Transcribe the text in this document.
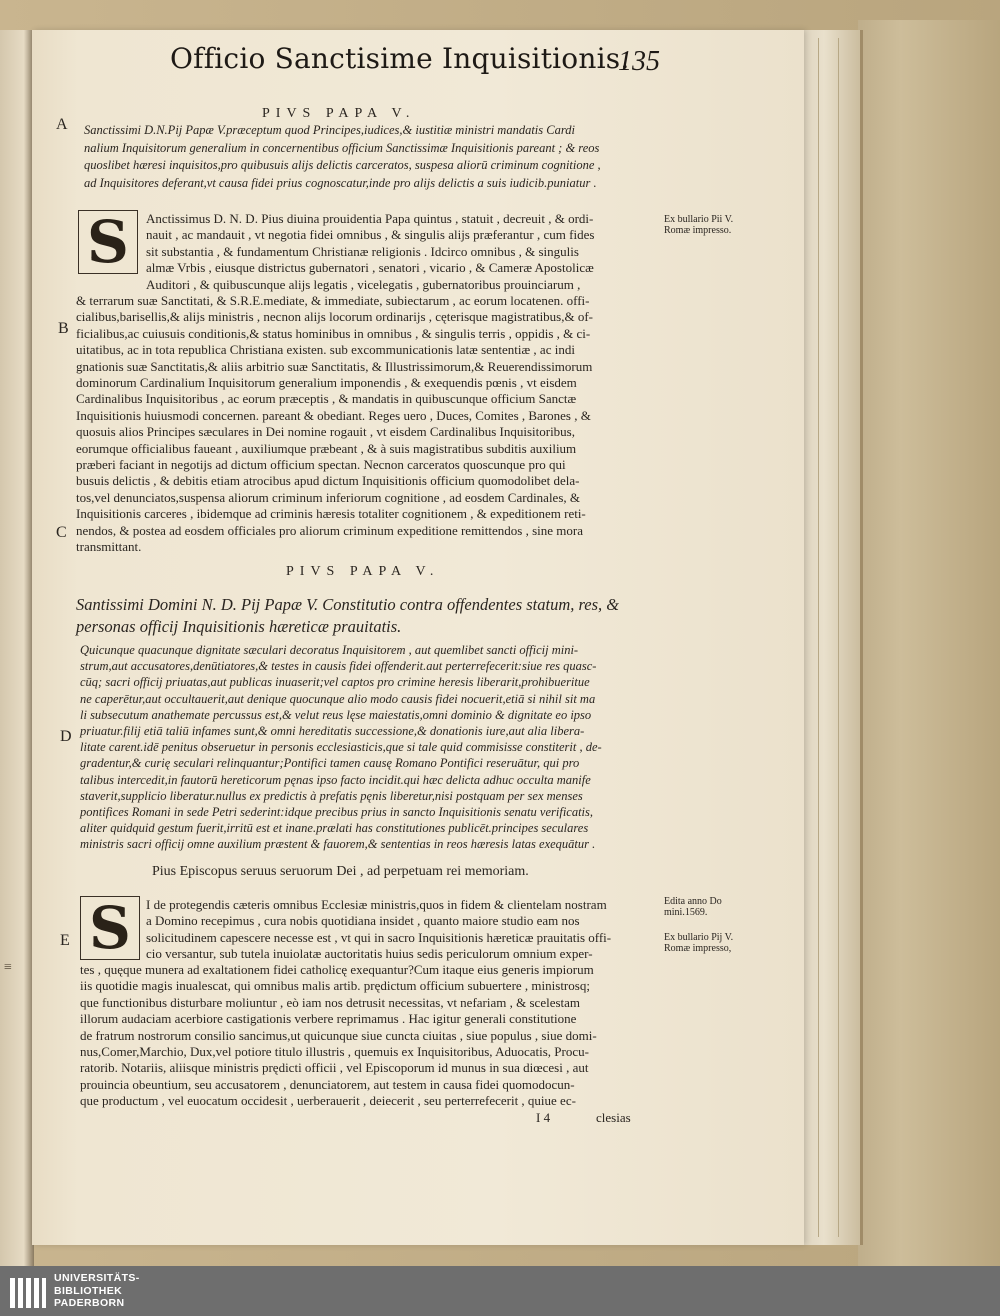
≡
Officio Sanctisime Inquisitionis.
135
A
B
C
D
E
PIVS PAPA V.
Sanctissimi D.N.Pij Papæ V.præceptum quod Principes,iudices,& iustitiæ ministri mandatis Cardi
nalium Inquisitorum generalium in concernentibus officium Sanctissimæ Inquisitionis pareant ; & reos
quoslibet hæresi inquisitos,pro quibusuis alijs delictis carceratos, suspesa aliorū criminum cognitione ,
ad Inquisitores deferant,vt causa fidei prius cognoscatur,inde pro alijs delictis a suis iudicib.puniatur .
S	Anctissimus D. N. D. Pius diuina prouidentia Papa quintus , statuit , decreuit , & ordi-
nauit , ac mandauit , vt negotia fidei omnibus , & singulis alijs præferantur , cum fides
sit substantia , & fundamentum Christianæ religionis . Idcirco omnibus , & singulis
almæ Vrbis , eiusque districtus gubernatori , senatori , vicario , & Cameræ Apostolicæ
Auditori , & quibuscunque alijs legatis , vicelegatis , gubernatoribus prouinciarum ,
& terrarum suæ Sanctitati, & S.R.E.mediate, & immediate, subiectarum , ac eorum locatenen. offi-
cialibus,barisellis,& alijs ministris , necnon alijs locorum ordinarijs , cęterisque magistratibus,& of-
ficialibus,ac cuiusuis conditionis,& status hominibus in omnibus , & singulis terris , oppidis , & ci-
uitatibus, ac in tota republica Christiana existen. sub excommunicationis latæ sententiæ , ac indi
gnationis suæ Sanctitatis,& aliis arbitrio suæ Sanctitatis, & Illustrissimorum,& Reuerendissimorum
dominorum Cardinalium Inquisitorum generalium imponendis , & exequendis pœnis , vt eisdem
Cardinalibus Inquisitoribus , ac eorum præceptis , & mandatis in quibuscunque officium Sanctæ
Inquisitionis huiusmodi concernen. pareant & obediant. Reges uero , Duces, Comites , Barones , &
quosuis alios Principes sæculares in Dei nomine rogauit , vt eisdem Cardinalibus Inquisitoribus,
eorumque officialibus faueant , auxiliumque præbeant , & à suis magistratibus subditis auxilium
præberi faciant in negotijs ad dictum officium spectan. Necnon carceratos quoscunque pro qui
busuis delictis , & debitis etiam atrocibus apud dictum Inquisitionis officium quomodolibet dela-
tos,vel denunciatos,suspensa aliorum criminum inferiorum cognitione , ad eosdem Cardinales, &
Inquisitionis carceres , ibidemque ad criminis hæresis totaliter cognitionem , & expeditionem reti-
nendos, & postea ad eosdem officiales pro aliorum criminum expeditione remittendos , sine mora
transmittant.
Ex bullario Pii V. Romæ impresso.
PIVS PAPA V.
Santissimi Domini N. D. Pij Papæ V. Constitutio contra offendentes statum, res, &
personas officij Inquisitionis hæreticæ prauitatis.
Quicunque quacunque dignitate sæculari decoratus Inquisitorem , aut quemlibet sancti officij mini-
strum,aut accusatores,denūtiatores,& testes in causis fidei offenderit.aut perterrefecerit:siue res quasc-
cūq; sacri officij priuatas,aut publicas inuaserit;vel captos pro crimine heresis liberarit,prohibueritue
ne caperētur,aut occultauerit,aut denique quocunque alio modo causis fidei nocuerit,etiā si nihil sit ma
li subsecutum anathemate percussus est,& velut reus lęse maiestatis,omni dominio & dignitate eo ipso
priuatur.filij etiā taliū infames sunt,& omni hereditatis successione,& donationis iure,aut alia libera-
litate carent.idē penitus obseruetur in personis ecclesiasticis,que si tale quid commisisse constiterit , de-
gradentur,& curię seculari relinquantur;Pontifici tamen causę Romano Pontifici reseruātur, qui pro
talibus intercedit,in fautorū hereticorum pęnas ipso facto incidit.qui hæc delicta adhuc occulta manife
staverit,supplicio liberatur.nullus ex predictis à prefatis pęnis liberetur,nisi postquam per sex menses
pontifices Romani in sede Petri sederint:idque precibus prius in sancto Inquisitionis senatu verificatis,
aliter quidquid gestum fuerit,irritū est et inane.prælati has constitutiones publicēt.principes seculares
ministris sacri officij omne auxilium præstent & fauorem,& sententias in reos hæresis latas exequātur .
Pius Episcopus seruus seruorum Dei , ad perpetuam rei memoriam.
S	I de protegendis cæteris omnibus Ecclesiæ ministris,quos in fidem & clientelam nostram
a Domino recepimus , cura nobis quotidiana insidet , quanto maiore studio eam nos
solicitudinem capescere necesse est , vt qui in sacro Inquisitionis hæreticæ prauitatis offi-
cio versantur, sub tutela inuiolatæ auctoritatis huius sedis periculorum omnium exper-
tes , quęque munera ad exaltationem fidei catholicę exequantur?Cum itaque eius generis impiorum
iis quotidie magis inualescat, qui omnibus malis artib. prędictum officium subuertere , ministrosq;
que functionibus disturbare moliuntur , eò iam nos detrusit necessitas, vt nefariam , & scelestam
illorum audaciam acerbiore castigationis verbere reprimamus . Hac igitur generali constitutione
de fratrum nostrorum consilio sancimus,ut quicunque siue cuncta ciuitas , siue populus , siue domi-
nus,Comer,Marchio, Dux,vel potiore titulo illustris , quemuis ex Inquisitoribus, Aduocatis, Procu-
ratorib. Notariis, aliisque ministris prędicti officii , vel Episcoporum id munus in sua diœcesi , aut
prouincia obeuntium, seu accusatorem , denunciatorem, aut testem in causa fidei quomodocun-
que productum , vel euocatum occidesit , uerberauerit , deiecerit , seu perterrefecerit , quiue ec-
I 4	clesias
Edita anno Do mini.1569.
Ex bullario Pij V. Romæ impresso,
UNIVERSITÄTS-
BIBLIOTHEK
PADERBORN
